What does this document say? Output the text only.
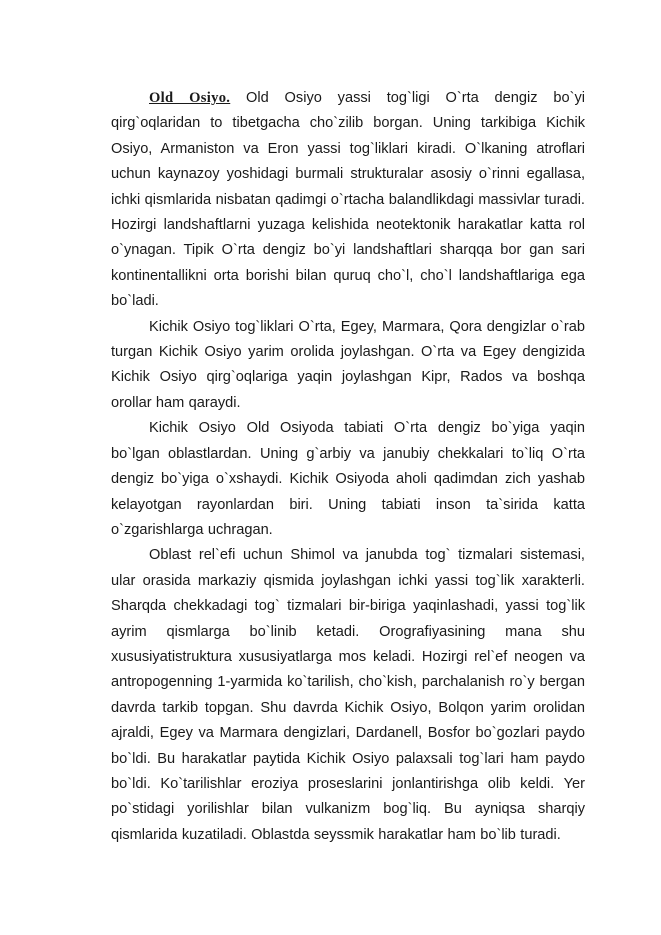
Old Osiyo. Old Osiyo yassi tog`ligi O`rta dengiz bo`yi qirg`oqlaridan to tibetgacha cho`zilib borgan. Uning tarkibiga Kichik Osiyo, Armaniston va Eron yassi tog`liklari kiradi. O`lkaning atroflari uchun kaynazoy yoshidagi burmali strukturalar asosiy o`rinni egallasa, ichki qismlarida nisbatan qadimgi o`rtacha balandlikdagi massivlar turadi. Hozirgi landshaftlarni yuzaga kelishida neotektonik harakatlar katta rol o`ynagan. Tipik O`rta dengiz bo`yi landshaftlari sharqqa bor gan sari kontinentallikni orta borishi bilan quruq cho`l, cho`l landshaftlariga ega bo`ladi.

Kichik Osiyo tog`liklari O`rta, Egey, Marmara, Qora dengizlar o`rab turgan Kichik Osiyo yarim orolida joylashgan. O`rta va Egey dengizida Kichik Osiyo qirg`oqlariga yaqin joylashgan Kipr, Rados va boshqa orollar ham qaraydi.

Kichik Osiyo Old Osiyoda tabiati O`rta dengiz bo`yiga yaqin bo`lgan oblastlardan. Uning g`arbiy va janubiy chekkalari to`liq O`rta dengiz bo`yiga o`xshaydi. Kichik Osiyoda aholi qadimdan zich yashab kelayotgan rayonlardan biri. Uning tabiati inson ta`sirida katta o`zgarishlarga uchragan.

Oblast rel`efi uchun Shimol va janubda tog` tizmalari sistemasi, ular orasida markaziy qismida joylashgan ichki yassi tog`lik xarakterli. Sharqda chekkadagi tog` tizmalari bir-biriga yaqinlashadi, yassi tog`lik ayrim qismlarga bo`linib ketadi. Orografiyasining mana shu xususiyatistruktura xususiyatlarga mos keladi. Hozirgi rel`ef neogen va antropogenning 1-yarmida ko`tarilish, cho`kish, parchalanish ro`y bergan davrda tarkib topgan. Shu davrda Kichik Osiyo, Bolqon yarim orolidan ajraldi, Egey va Marmara dengizlari, Dardanell, Bosfor bo`gozlari paydo bo`ldi. Bu harakatlar paytida Kichik Osiyo palaxsali tog`lari ham paydo bo`ldi. Ko`tarilishlar eroziya proseslarini jonlantirishga olib keldi. Yer po`stidagi yorilishlar bilan vulkanizm bog`liq. Bu ayniqsa sharqiy qismlarida kuzatiladi. Oblastda seyssmik harakatlar ham bo`lib turadi.
